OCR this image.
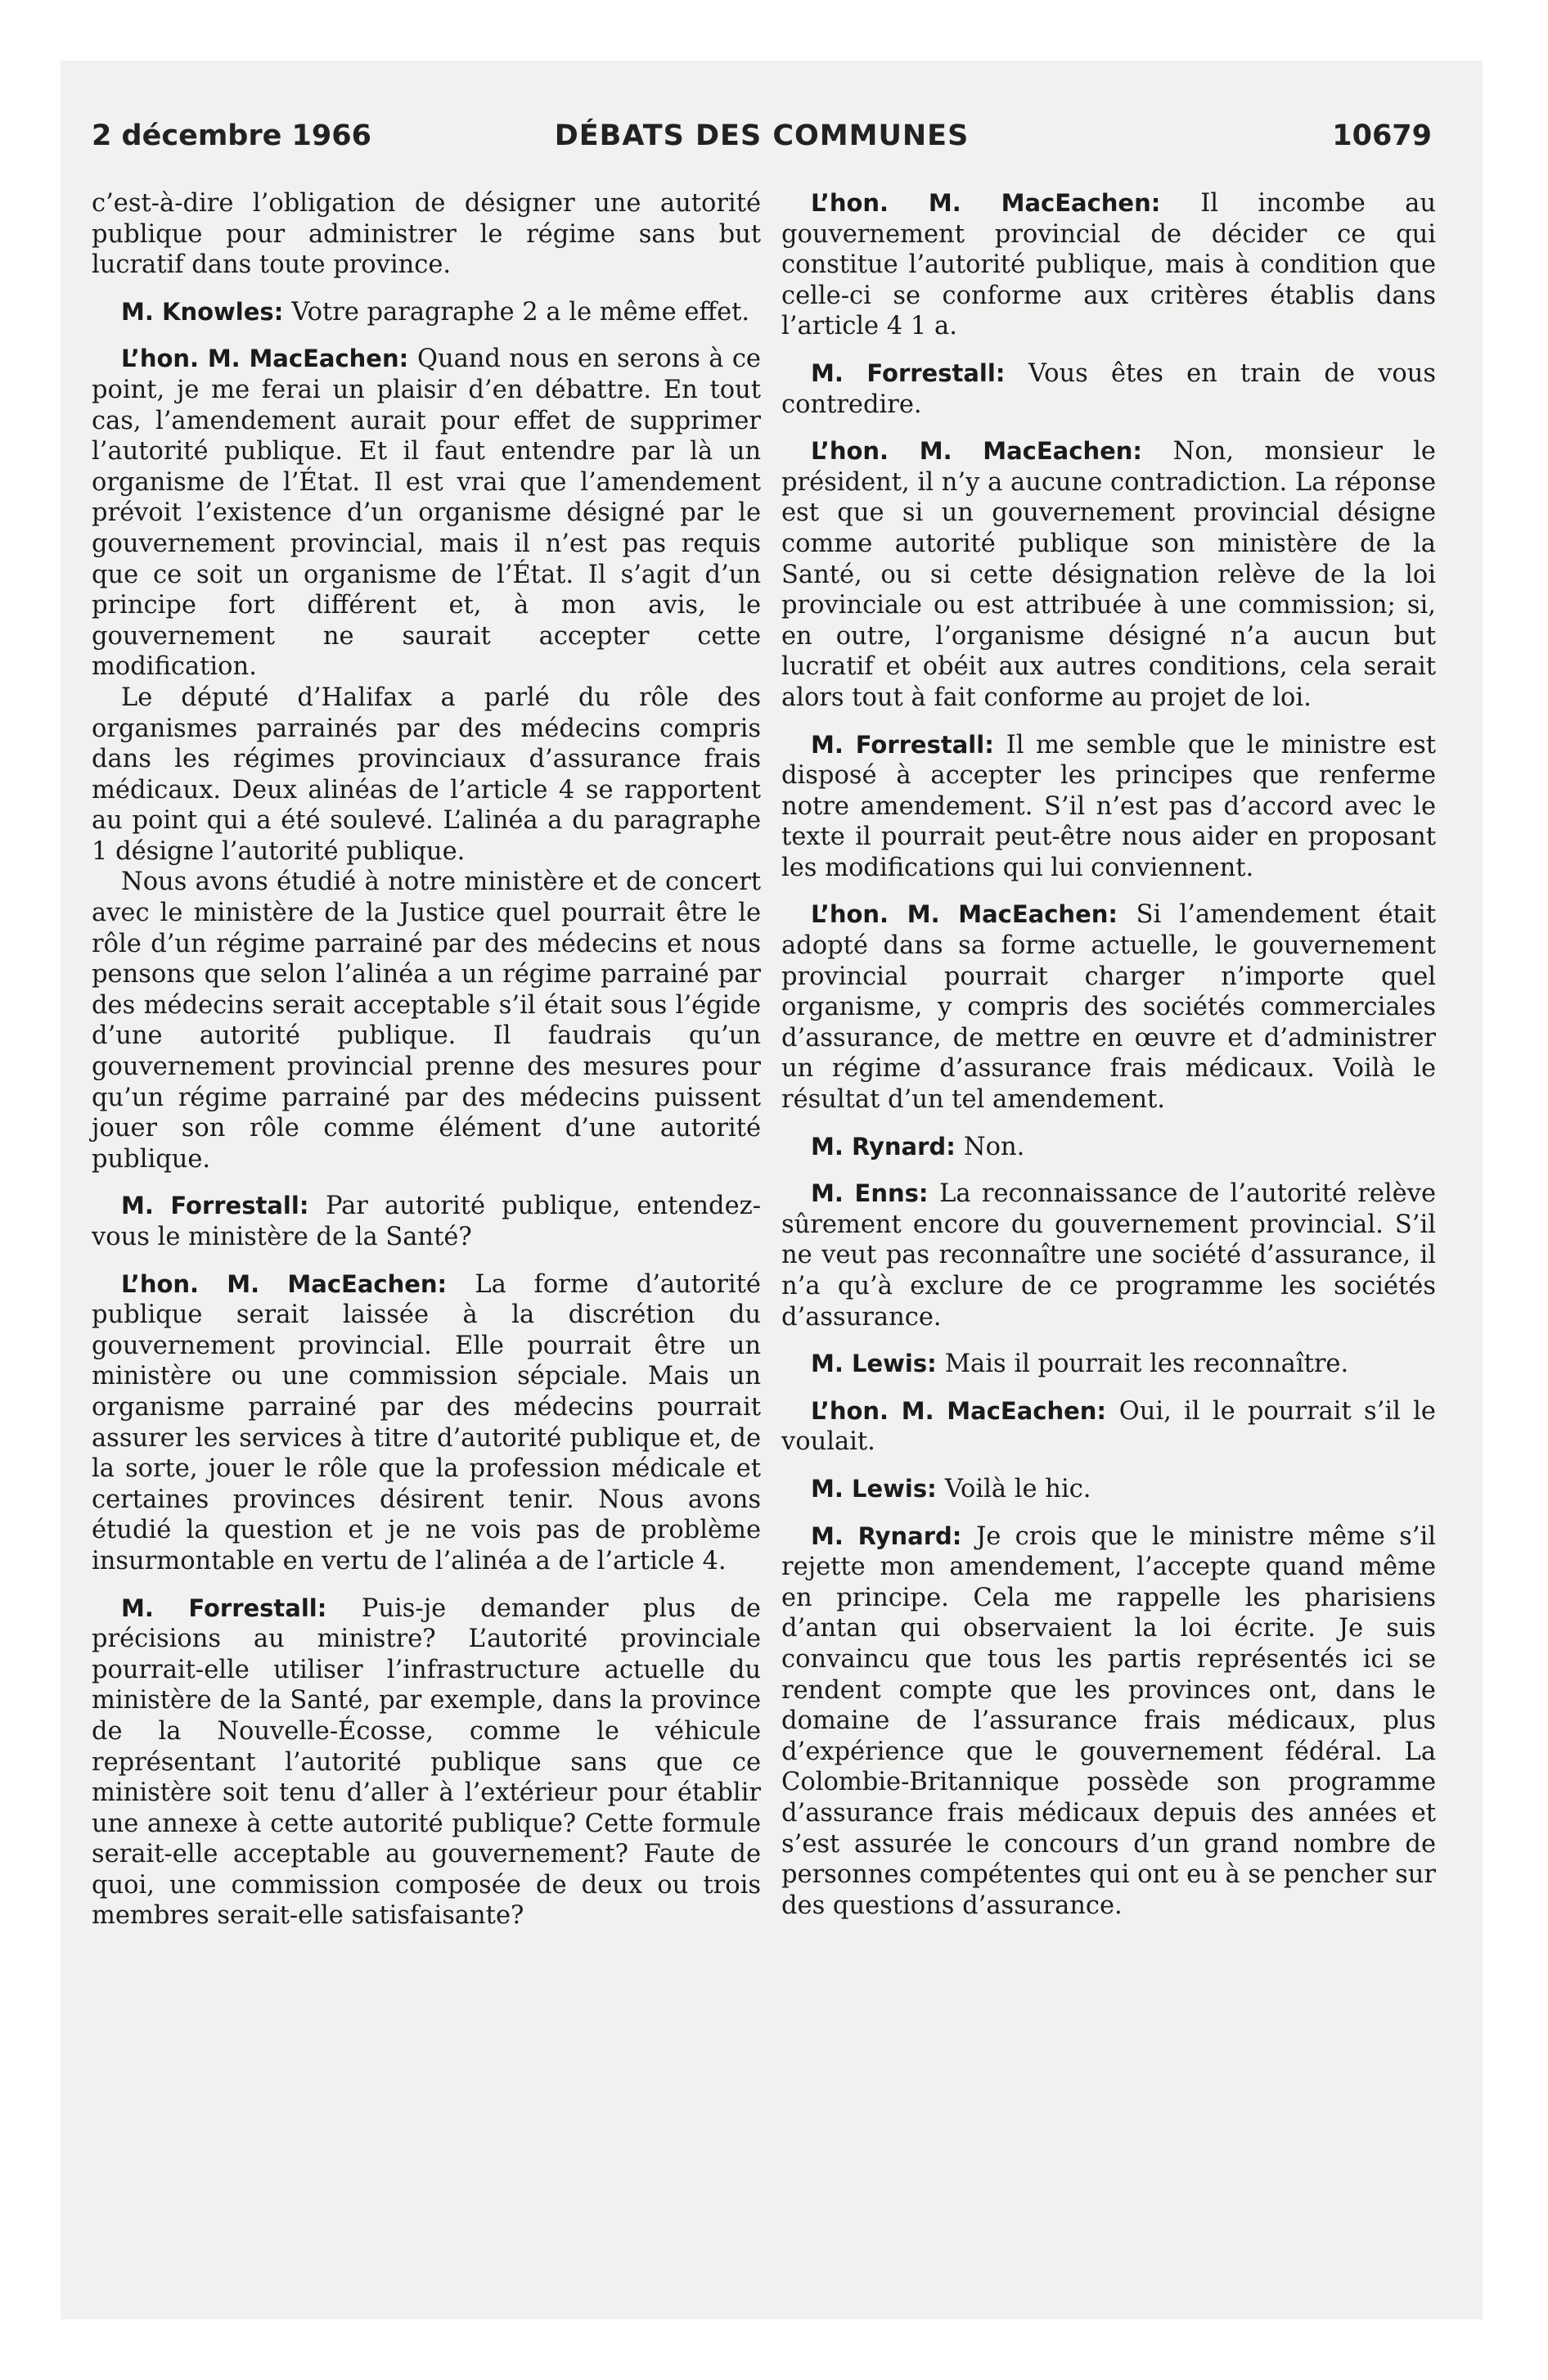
2 décembre 1966	DÉBATS DES COMMUNES	10679

c’est-à-dire l’obligation de désigner une autorité publique pour administrer le régime sans but lucratif dans toute province.

M. Knowles : Votre paragraphe 2 a le même effet.

L’hon. M. MacEachen : Quand nous en serons à ce point, je me ferai un plaisir d’en débattre. En tout cas, l’amendement aurait pour effet de supprimer l’autorité publique. Et il faut entendre par là un organisme de l’État. Il est vrai que l’amendement prévoit l’existence d’un organisme désigné par le gouvernement provincial, mais il n’est pas requis que ce soit un organisme de l’État. Il s’agit d’un principe fort différent et, à mon avis, le gouvernement ne saurait accepter cette modification.

Le député d’Halifax a parlé du rôle des organismes parrainés par des médecins compris dans les régimes provinciaux d’assurance frais médicaux. Deux alinéas de l’article 4 se rapportent au point qui a été soulevé. L’alinéa a du paragraphe 1 désigne l’autorité publique.

Nous avons étudié à notre ministère et de concert avec le ministère de la Justice quel pourrait être le rôle d’un régime parrainé par des médecins et nous pensons que selon l’alinéa a un régime parrainé par des médecins serait acceptable s’il était sous l’égide d’une autorité publique. Il faudrais qu’un gouvernement provincial prenne des mesures pour qu’un régime parrainé par des médecins puissent jouer son rôle comme élément d’une autorité publique.

M. Forrestall : Par autorité publique, entendez-vous le ministère de la Santé?

L’hon. M. MacEachen : La forme d’autorité publique serait laissée à la discrétion du gouvernement provincial. Elle pourrait être un ministère ou une commission sépciale. Mais un organisme parrainé par des médecins pourrait assurer les services à titre d’autorité publique et, de la sorte, jouer le rôle que la profession médicale et certaines provinces désirent tenir. Nous avons étudié la question et je ne vois pas de problème insurmontable en vertu de l’alinéa a de l’article 4.

M. Forrestall : Puis-je demander plus de précisions au ministre? L’autorité provinciale pourrait-elle utiliser l’infrastructure actuelle du ministère de la Santé, par exemple, dans la province de la Nouvelle-Écosse, comme le véhicule représentant l’autorité publique sans que ce ministère soit tenu d’aller à l’extérieur pour établir une annexe à cette autorité publique? Cette formule serait-elle acceptable au gouvernement? Faute de quoi, une commission composée de deux ou trois membres serait-elle satisfaisante?

L’hon. M. MacEachen : Il incombe au gouvernement provincial de décider ce qui constitue l’autorité publique, mais à condition que celle-ci se conforme aux critères établis dans l’article 4 1 a.

M. Forrestall : Vous êtes en train de vous contredire.

L’hon. M. MacEachen : Non, monsieur le président, il n’y a aucune contradiction. La réponse est que si un gouvernement provincial désigne comme autorité publique son ministère de la Santé, ou si cette désignation relève de la loi provinciale ou est attribuée à une commission; si, en outre, l’organisme désigné n’a aucun but lucratif et obéit aux autres conditions, cela serait alors tout à fait conforme au projet de loi.

M. Forrestall : Il me semble que le ministre est disposé à accepter les principes que renferme notre amendement. S’il n’est pas d’accord avec le texte il pourrait peut-être nous aider en proposant les modifications qui lui conviennent.

L’hon. M. MacEachen : Si l’amendement était adopté dans sa forme actuelle, le gouvernement provincial pourrait charger n’importe quel organisme, y compris des sociétés commerciales d’assurance, de mettre en œuvre et d’administrer un régime d’assurance frais médicaux. Voilà le résultat d’un tel amendement.

M. Rynard : Non.

M. Enns : La reconnaissance de l’autorité relève sûrement encore du gouvernement provincial. S’il ne veut pas reconnaître une société d’assurance, il n’a qu’à exclure de ce programme les sociétés d’assurance.

M. Lewis : Mais il pourrait les reconnaître.

L’hon. M. MacEachen : Oui, il le pourrait s’il le voulait.

M. Lewis : Voilà le hic.

M. Rynard : Je crois que le ministre même s’il rejette mon amendement, l’accepte quand même en principe. Cela me rappelle les pharisiens d’antan qui observaient la loi écrite. Je suis convaincu que tous les partis représentés ici se rendent compte que les provinces ont, dans le domaine de l’assurance frais médicaux, plus d’expérience que le gouvernement fédéral. La Colombie-Britannique possède son programme d’assurance frais médicaux depuis des années et s’est assurée le concours d’un grand nombre de personnes compétentes qui ont eu à se pencher sur des questions d’assurance.
